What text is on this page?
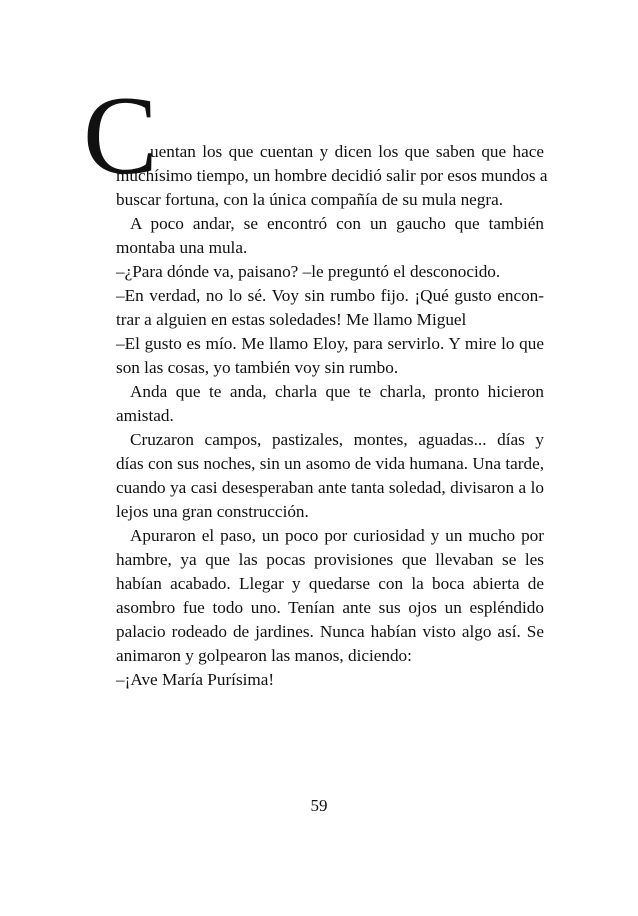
C
uentan los que cuentan y dicen los que saben que hace
muchísimo tiempo, un hombre decidió salir por esos mundos a
buscar fortuna, con la única compañía de su mula negra.
A poco andar, se encontró con un gaucho que también
montaba una mula.
–¿Para dónde va, paisano? –le preguntó el desconocido.
–En verdad, no lo sé. Voy sin rumbo fijo. ¡Qué gusto encon-
trar a alguien en estas soledades! Me llamo Miguel
–El gusto es mío. Me llamo Eloy, para servirlo. Y mire lo que
son las cosas, yo también voy sin rumbo.
Anda que te anda, charla que te charla, pronto hicieron
amistad.
Cruzaron campos, pastizales, montes, aguadas... días y
días con sus noches, sin un asomo de vida humana. Una tarde,
cuando ya casi desesperaban ante tanta soledad, divisaron a lo
lejos una gran construcción.
Apuraron el paso, un poco por curiosidad y un mucho por
hambre, ya que las pocas provisiones que llevaban se les
habían acabado. Llegar y quedarse con la boca abierta de
asombro fue todo uno. Tenían ante sus ojos un espléndido
palacio rodeado de jardines. Nunca habían visto algo así. Se
animaron y golpearon las manos, diciendo:
–¡Ave María Purísima!
59
